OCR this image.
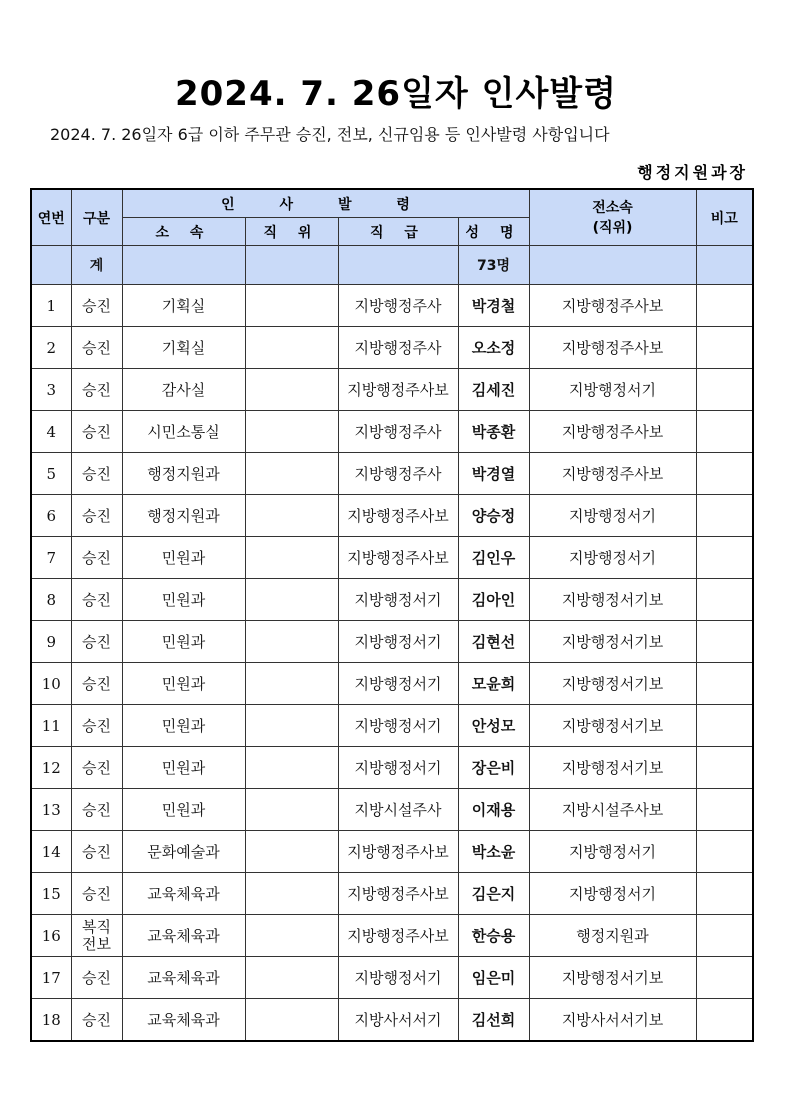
2024. 7. 26일자 인사발령
2024. 7. 26일자 6급 이하 주무관 승진, 전보, 신규임용 등 인사발령 사항입니다
행정지원과장
연번	구분	인 사 발 령				전소속
(직위)	비고
		소 속	직 위	직 급	성 명		
	계				73명		
1	승진	기획실		지방행정주사	박경철	지방행정주사보	
2	승진	기획실		지방행정주사	오소정	지방행정주사보	
3	승진	감사실		지방행정주사보	김세진	지방행정서기	
4	승진	시민소통실		지방행정주사	박종환	지방행정주사보	
5	승진	행정지원과		지방행정주사	박경열	지방행정주사보	
6	승진	행정지원과		지방행정주사보	양승정	지방행정서기	
7	승진	민원과		지방행정주사보	김인우	지방행정서기	
8	승진	민원과		지방행정서기	김아인	지방행정서기보	
9	승진	민원과		지방행정서기	김현선	지방행정서기보	
10	승진	민원과		지방행정서기	모윤희	지방행정서기보	
11	승진	민원과		지방행정서기	안성모	지방행정서기보	
12	승진	민원과		지방행정서기	장은비	지방행정서기보	
13	승진	민원과		지방시설주사	이재용	지방시설주사보	
14	승진	문화예술과		지방행정주사보	박소윤	지방행정서기	
15	승진	교육체육과		지방행정주사보	김은지	지방행정서기	
16	복직
전보	교육체육과		지방행정주사보	한승용	행정지원과	
17	승진	교육체육과		지방행정서기	임은미	지방행정서기보	
18	승진	교육체육과		지방사서서기	김선희	지방사서서기보	
